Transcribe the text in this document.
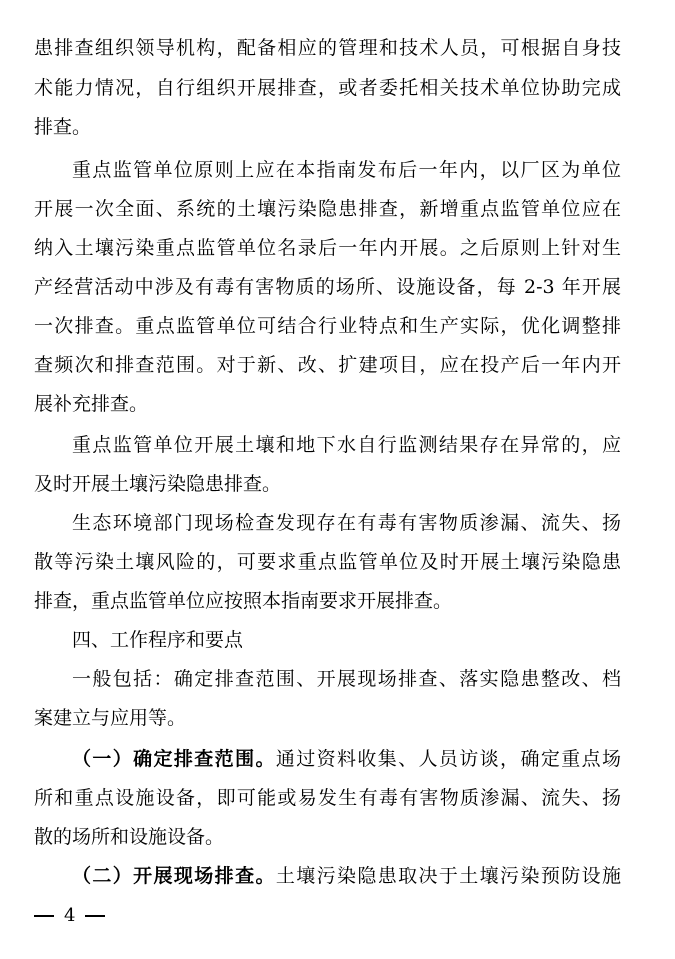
患排查组织领导机构，配备相应的管理和技术人员，可根据自身技

术能力情况，自行组织开展排查，或者委托相关技术单位协助完成

排查。

重点监管单位原则上应在本指南发布后一年内，以厂区为单位

开展一次全面、系统的土壤污染隐患排查，新增重点监管单位应在

纳入土壤污染重点监管单位名录后一年内开展。之后原则上针对生

产经营活动中涉及有毒有害物质的场所、设施设备，每 2-3 年开展

一次排查。重点监管单位可结合行业特点和生产实际，优化调整排

查频次和排查范围。对于新、改、扩建项目，应在投产后一年内开

展补充排查。

重点监管单位开展土壤和地下水自行监测结果存在异常的，应

及时开展土壤污染隐患排查。

生态环境部门现场检查发现存在有毒有害物质渗漏、流失、扬

散等污染土壤风险的，可要求重点监管单位及时开展土壤污染隐患

排查，重点监管单位应按照本指南要求开展排查。

四、工作程序和要点

一般包括：确定排查范围、开展现场排查、落实隐患整改、档

案建立与应用等。

（一）确定排查范围。通过资料收集、人员访谈，确定重点场

所和重点设施设备，即可能或易发生有毒有害物质渗漏、流失、扬

散的场所和设施设备。

（二）开展现场排查。土壤污染隐患取决于土壤污染预防设施

4
